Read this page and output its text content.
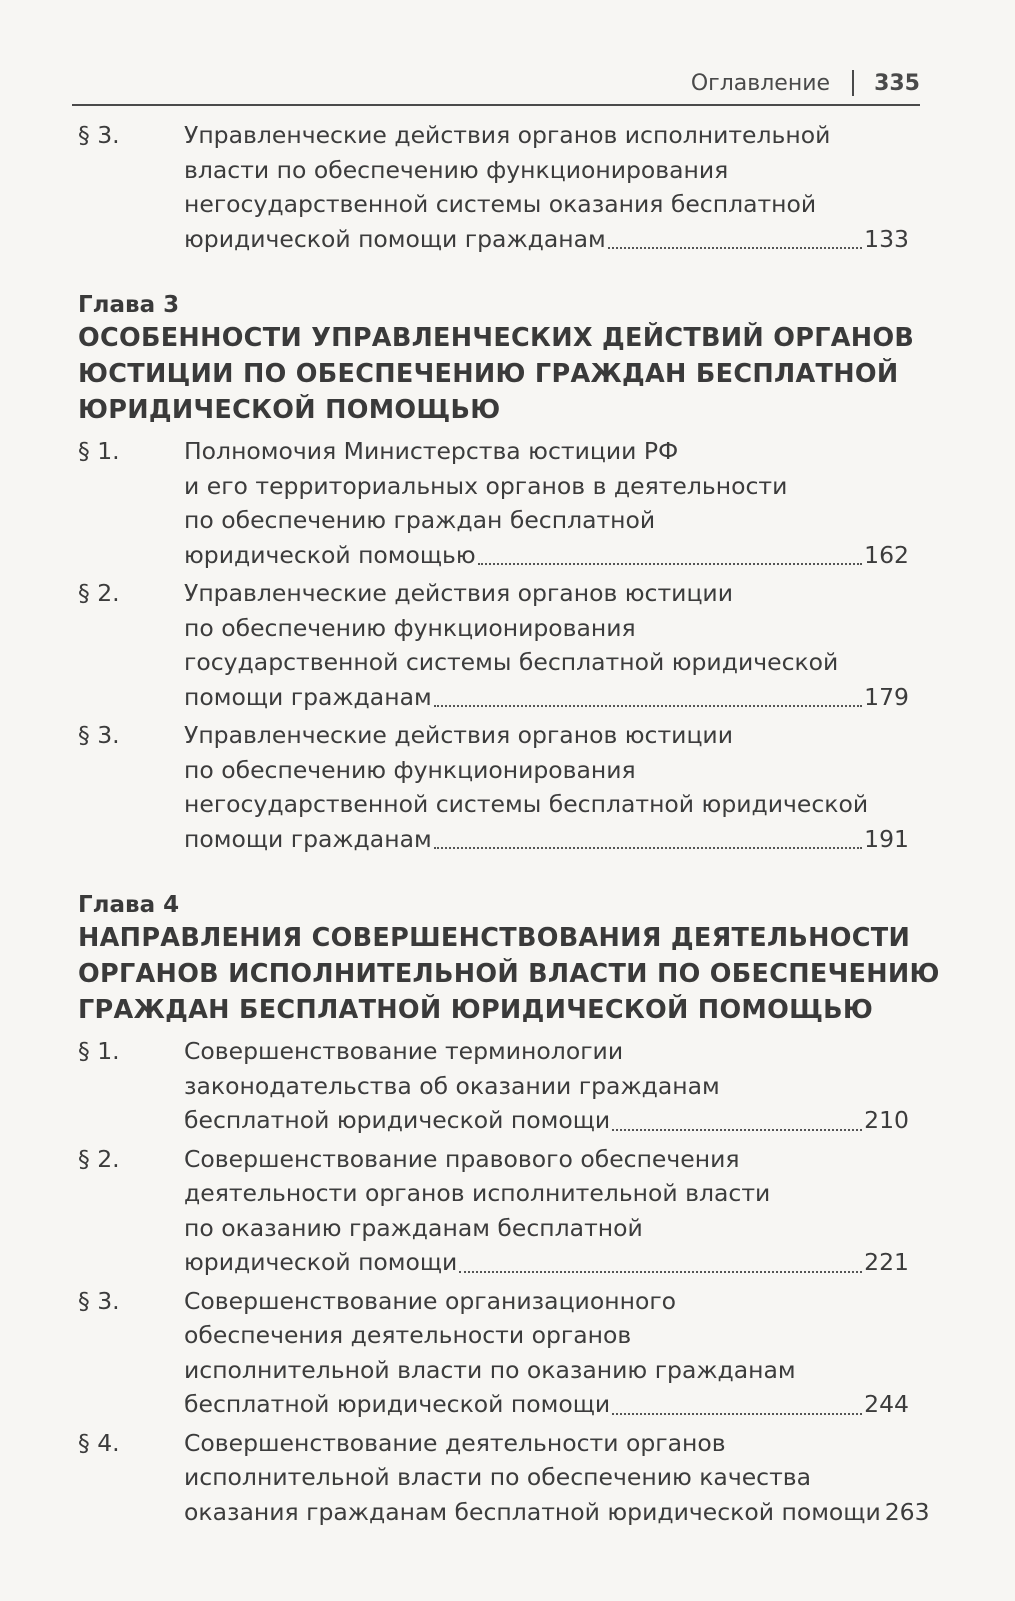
Оглавление 335
§ 3.	Управленческие действия органов исполнительной
власти по обеспечению функционирования
негосударственной системы оказания бесплатной
юридической помощи гражданам	133
Глава 3
ОСОБЕННОСТИ УПРАВЛЕНЧЕСКИХ ДЕЙСТВИЙ ОРГАНОВ
ЮСТИЦИИ ПО ОБЕСПЕЧЕНИЮ ГРАЖДАН БЕСПЛАТНОЙ
ЮРИДИЧЕСКОЙ ПОМОЩЬЮ
§ 1.	Полномочия Министерства юстиции РФ
и его территориальных органов в деятельности
по обеспечению граждан бесплатной
юридической помощью	162
§ 2.	Управленческие действия органов юстиции
по обеспечению функционирования
государственной системы бесплатной юридической
помощи гражданам	179
§ 3.	Управленческие действия органов юстиции
по обеспечению функционирования
негосударственной системы бесплатной юридической
помощи гражданам	191
Глава 4
НАПРАВЛЕНИЯ СОВЕРШЕНСТВОВАНИЯ ДЕЯТЕЛЬНОСТИ
ОРГАНОВ ИСПОЛНИТЕЛЬНОЙ ВЛАСТИ ПО ОБЕСПЕЧЕНИЮ
ГРАЖДАН БЕСПЛАТНОЙ ЮРИДИЧЕСКОЙ ПОМОЩЬЮ
§ 1.	Совершенствование терминологии
законодательства об оказании гражданам
бесплатной юридической помощи	210
§ 2.	Совершенствование правового обеспечения
деятельности органов исполнительной власти
по оказанию гражданам бесплатной
юридической помощи	221
§ 3.	Совершенствование организационного
обеспечения деятельности органов
исполнительной власти по оказанию гражданам
бесплатной юридической помощи	244
§ 4.	Совершенствование деятельности органов
исполнительной власти по обеспечению качества
оказания гражданам бесплатной юридической помощи 263
